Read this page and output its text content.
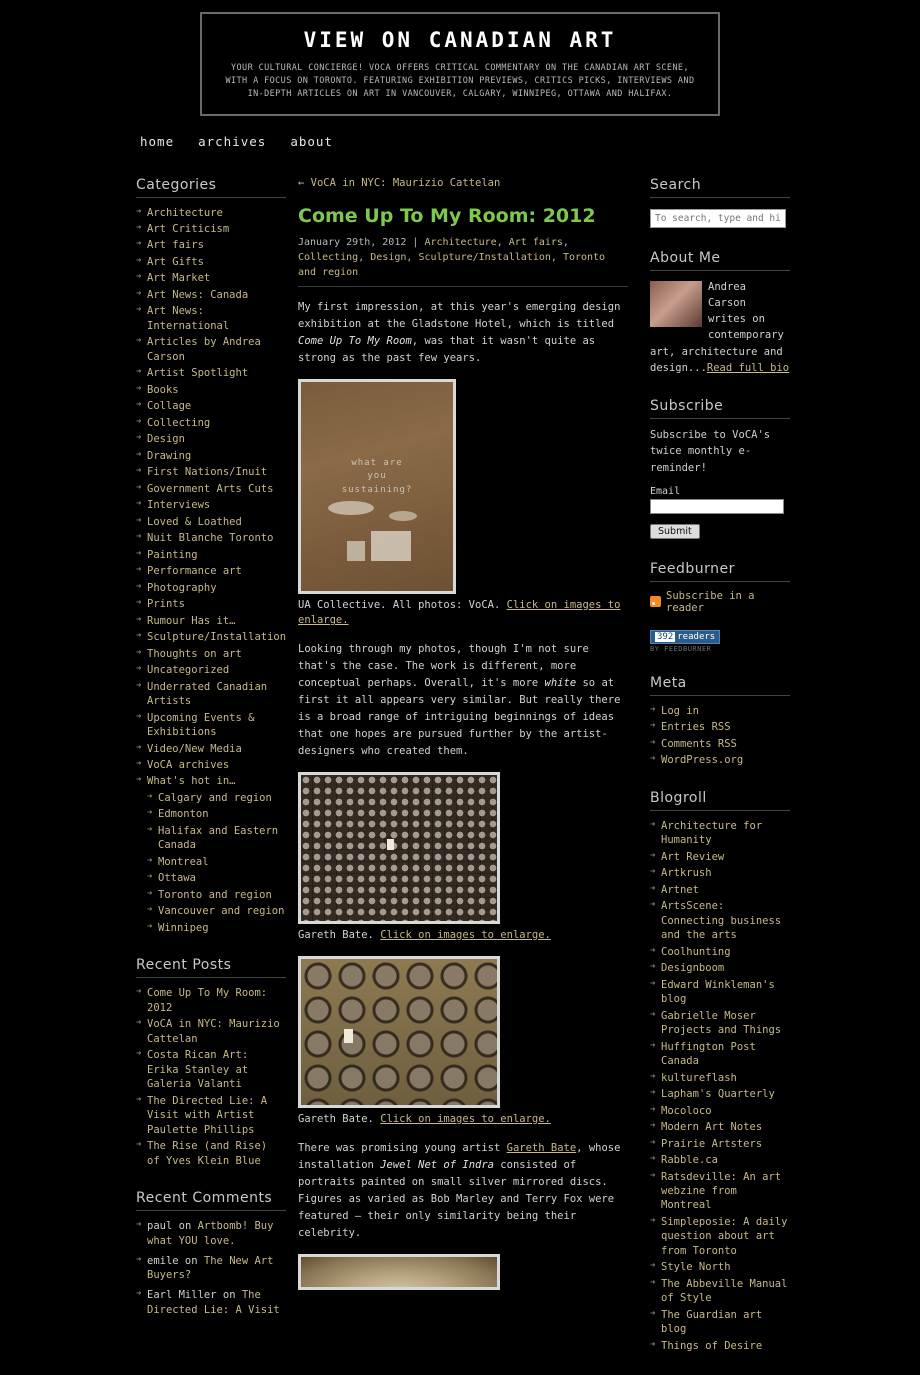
VIEW ON CANADIAN ART
YOUR CULTURAL CONCIERGE! VOCA OFFERS CRITICAL COMMENTARY ON THE CANADIAN ART SCENE, WITH A FOCUS ON TORONTO. FEATURING EXHIBITION PREVIEWS, CRITICS PICKS, INTERVIEWS AND IN-DEPTH ARTICLES ON ART IN VANCOUVER, CALGARY, WINNIPEG, OTTAWA AND HALIFAX.
home archives about
Categories
➜ Architecture
➜ Art Criticism
➜ Art fairs
➜ Art Gifts
➜ Art Market
➜ Art News: Canada
➜ Art News: International
➜ Articles by Andrea Carson
➜ Artist Spotlight
➜ Books
➜ Collage
➜ Collecting
➜ Design
➜ Drawing
➜ First Nations/Inuit
➜ Government Arts Cuts
➜ Interviews
➜ Loved & Loathed
➜ Nuit Blanche Toronto
➜ Painting
➜ Performance art
➜ Photography
➜ Prints
➜ Rumour Has it…
➜ Sculpture/Installation
➜ Thoughts on art
➜ Uncategorized
➜ Underrated Canadian Artists
➜ Upcoming Events & Exhibitions
➜ Video/New Media
➜ VoCA archives
➜ What's hot in…
➜ Calgary and region
➜ Edmonton
➜ Halifax and Eastern Canada
➜ Montreal
➜ Ottawa
➜ Toronto and region
➜ Vancouver and region
➜ Winnipeg
Recent Posts
➜ Come Up To My Room: 2012
➜ VoCA in NYC: Maurizio Cattelan
➜ Costa Rican Art: Erika Stanley at Galeria Valanti
➜ The Directed Lie: A Visit with Artist Paulette Phillips
➜ The Rise (and Rise) of Yves Klein Blue
Recent Comments
➜ paul on Artbomb! Buy what YOU love.
➜ emile on The New Art Buyers?
➜ Earl Miller on The Directed Lie: A Visit
← VoCA in NYC: Maurizio Cattelan
Come Up To My Room: 2012
January 29th, 2012 | Architecture, Art fairs, Collecting, Design, Sculpture/Installation, Toronto and region

My first impression, at this year's emerging design exhibition at the Gladstone Hotel, which is titled Come Up To My Room, was that it wasn't quite as strong as the past few years.

what are you sustaining?
UA Collective. All photos: VoCA. Click on images to enlarge.

Looking through my photos, though I'm not sure that's the case. The work is different, more conceptual perhaps. Overall, it's more white so at first it all appears very similar. But really there is a broad range of intriguing beginnings of ideas that one hopes are pursued further by the artist-designers who created them.

Gareth Bate. Click on images to enlarge.
Gareth Bate. Click on images to enlarge.

There was promising young artist Gareth Bate, whose installation Jewel Net of Indra consisted of portraits painted on small silver mirrored discs. Figures as varied as Bob Marley and Terry Fox were featured – their only similarity being their celebrity.

Search
To search, type and hit enter
About Me
Andrea Carson writes on contemporary art, architecture and design...Read full bio
Subscribe
Subscribe to VoCA's twice monthly e-reminder!
Email
Submit
Feedburner
Subscribe in a reader
392 readers
BY FEEDBURNER
Meta
➜ Log in
➜ Entries RSS
➜ Comments RSS
➜ WordPress.org
Blogroll
➜ Architecture for Humanity
➜ Art Review
➜ Artkrush
➜ Artnet
➜ ArtsScene: Connecting business and the arts
➜ Coolhunting
➜ Designboom
➜ Edward Winkleman's blog
➜ Gabrielle Moser Projects and Things
➜ Huffington Post Canada
➜ kultureflash
➜ Lapham's Quarterly
➜ Mocoloco
➜ Modern Art Notes
➜ Prairie Artsters
➜ Rabble.ca
➜ Ratsdeville: An art webzine from Montreal
➜ Simpleposie: A daily question about art from Toronto
➜ Style North
➜ The Abbeville Manual of Style
➜ The Guardian art blog
➜ Things of Desire
